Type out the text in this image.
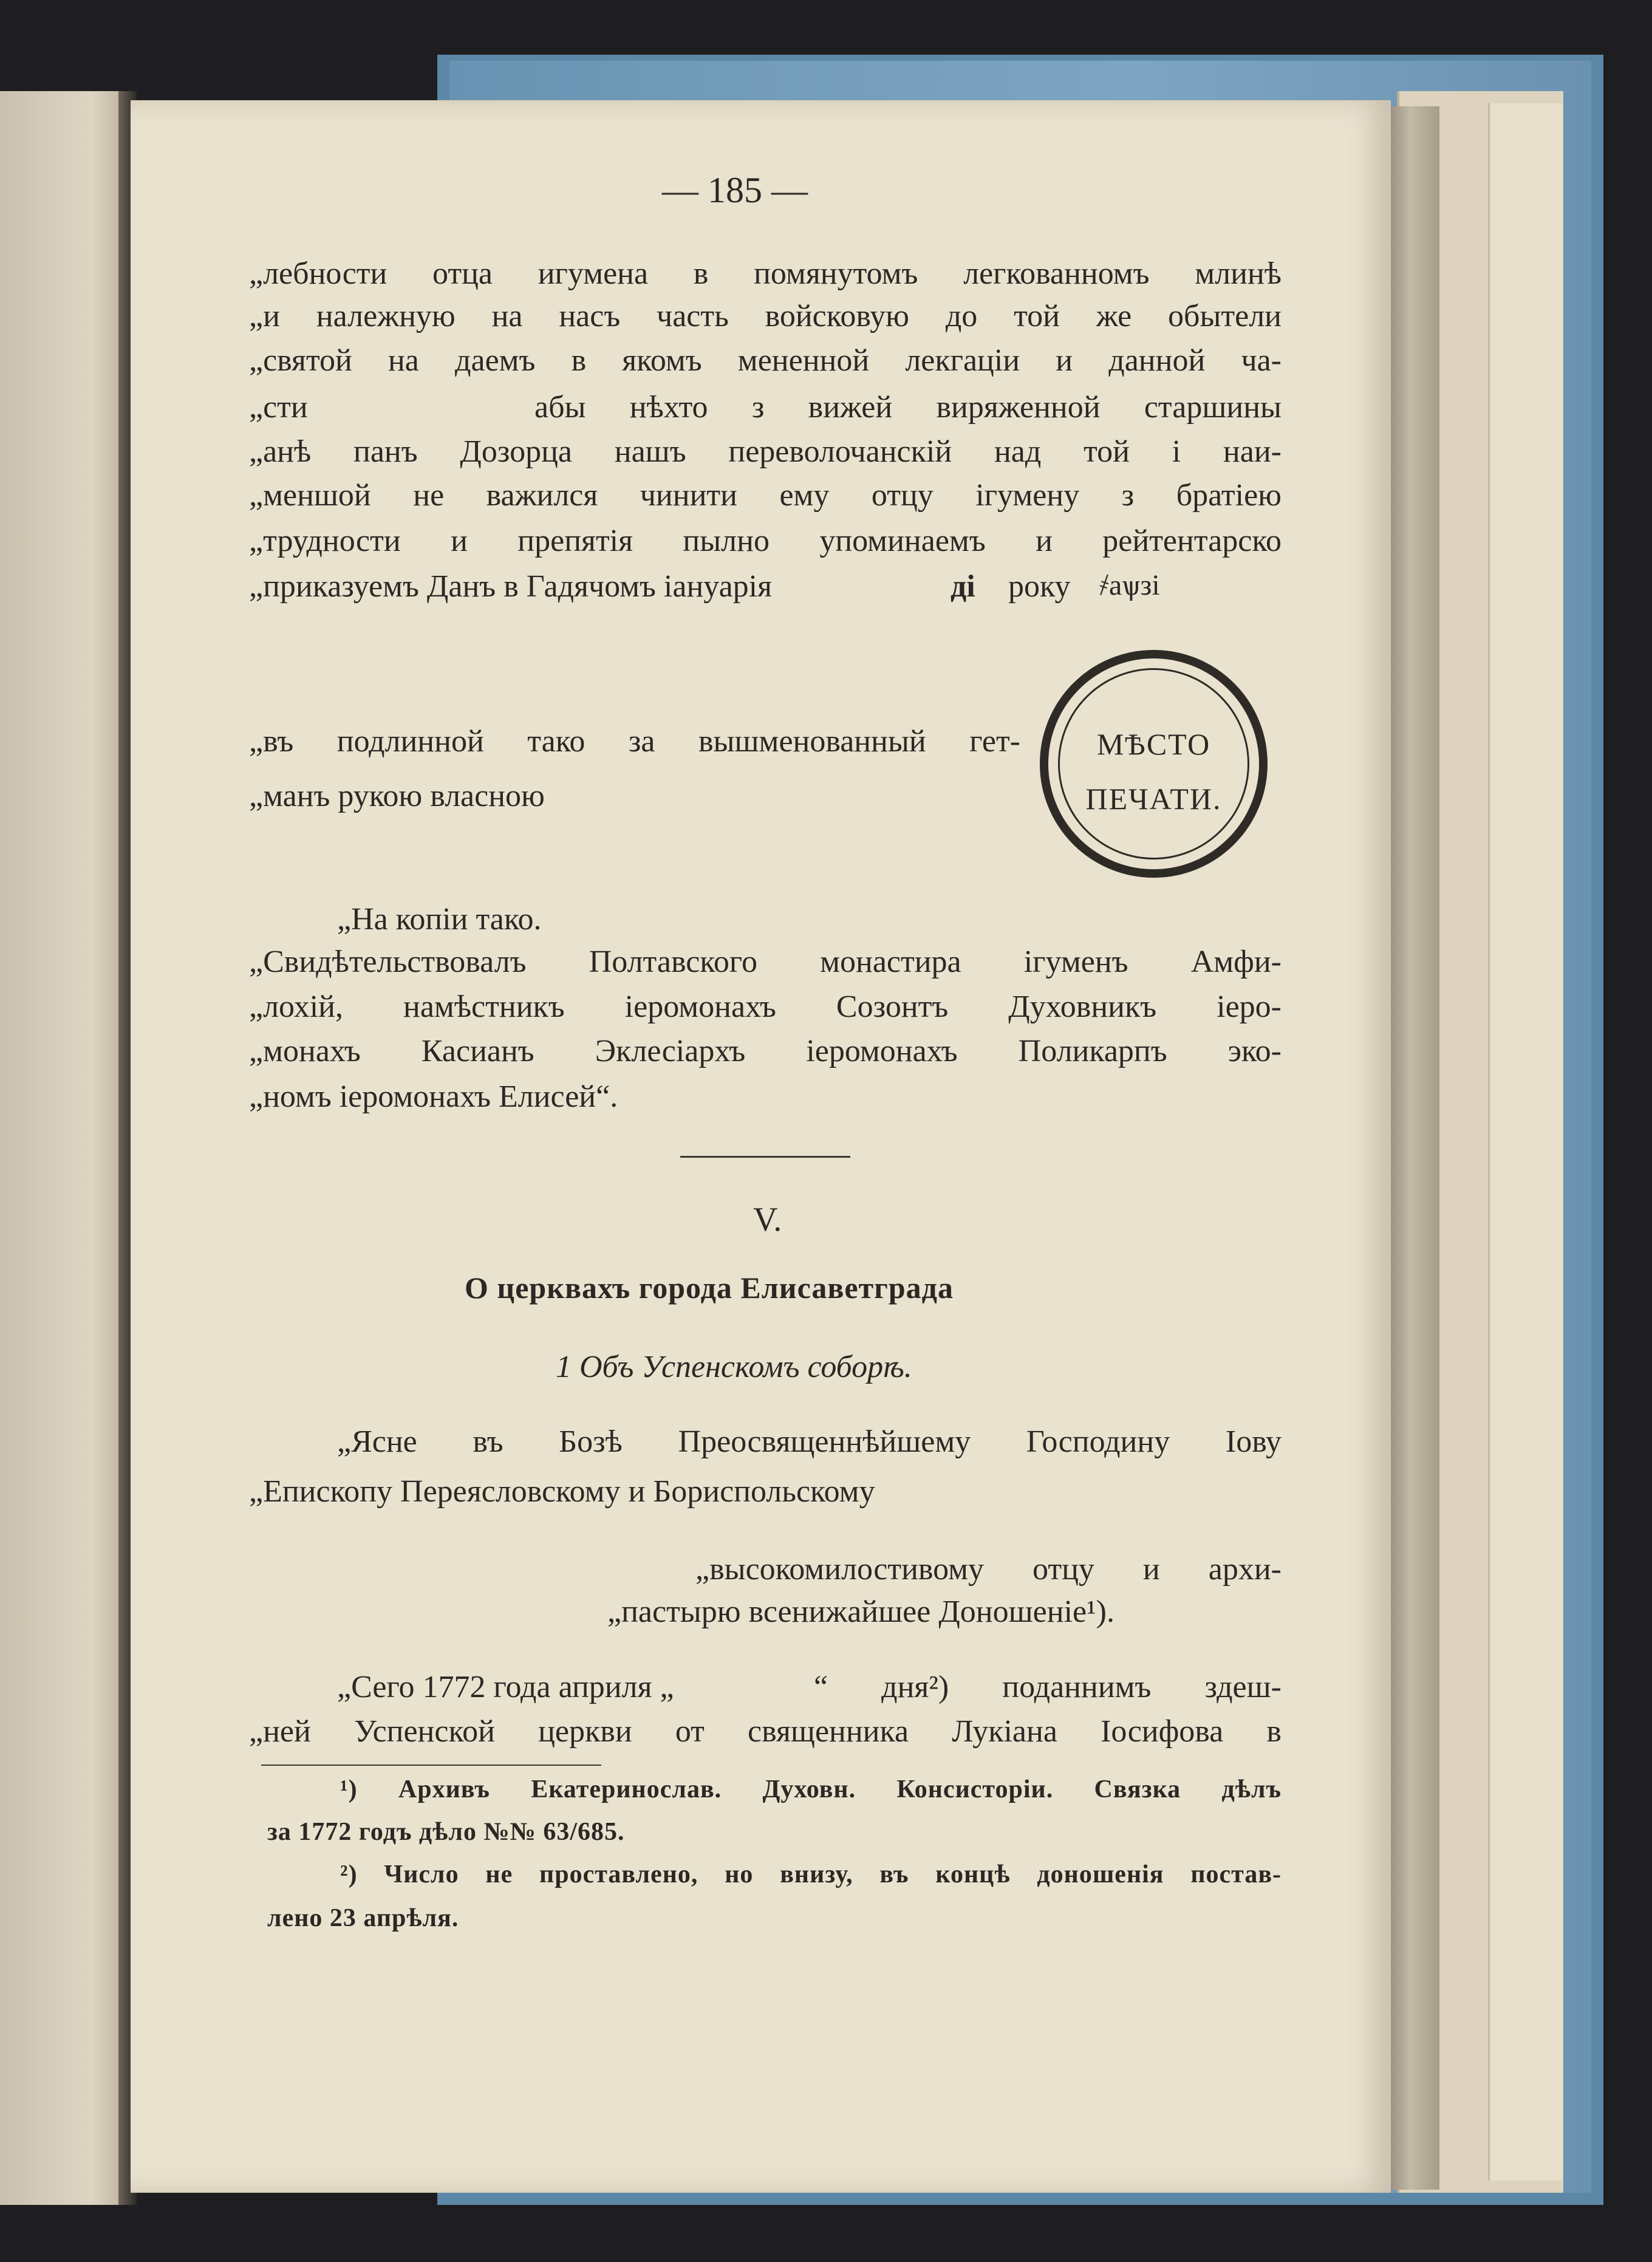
— 185 —
„лебности отца игумена в помянутомъ легкованномъ млинѣ
„и належную на насъ часть войсковую до той же обытели
„святой на даемъ в якомъ мененной лекгаціи и данной ча-
„сти	абы нѣхто з вижей виряженной старшины
„анѣ панъ Дозорца нашъ переволочанскій над той і наи-
„меншой не важился чинити ему отцу ігумену з братіею
„трудности и препятія пылно упоминаемъ и рейтентарско
„приказуемъ Данъ в Гадячомъ іануарія	ді року ҂аѱзі
„въ подлинной тако за вышменованный гет-
„манъ рукою власною
МѢСТО
ПЕЧАТИ.
„На копіи тако.
„Свидѣтельствовалъ Полтавского монастира ігуменъ Амфи-
„лохій, намѣстникъ іеромонахъ Созонтъ Духовникъ іеро-
„монахъ Касианъ Эклесіархъ іеромонахъ Поликарпъ эко-
„номъ іеромонахъ Елисей“.
V.
О церквахъ города Елисаветграда
1 Объ Успенскомъ соборѣ.
„Ясне въ Бозѣ Преосвященнѣйшему Господину Іову
„Епископу Переясловскому и Бориспольскому
„высокомилостивому отцу и архи-
„пастырю всенижайшее Доношеніе¹).
„Сего 1772 года априля „	“ дня²) поданнимъ здеш-
„ней Успенской церкви от священника Лукіана Іосифова в
¹) Архивъ Екатеринослав. Духовн. Консисторіи. Связка дѣлъ
за 1772 годъ дѣло №№ 63/685.
²) Число не проставлено, но внизу, въ концѣ доношенія постав-
лено 23 апрѣля.
